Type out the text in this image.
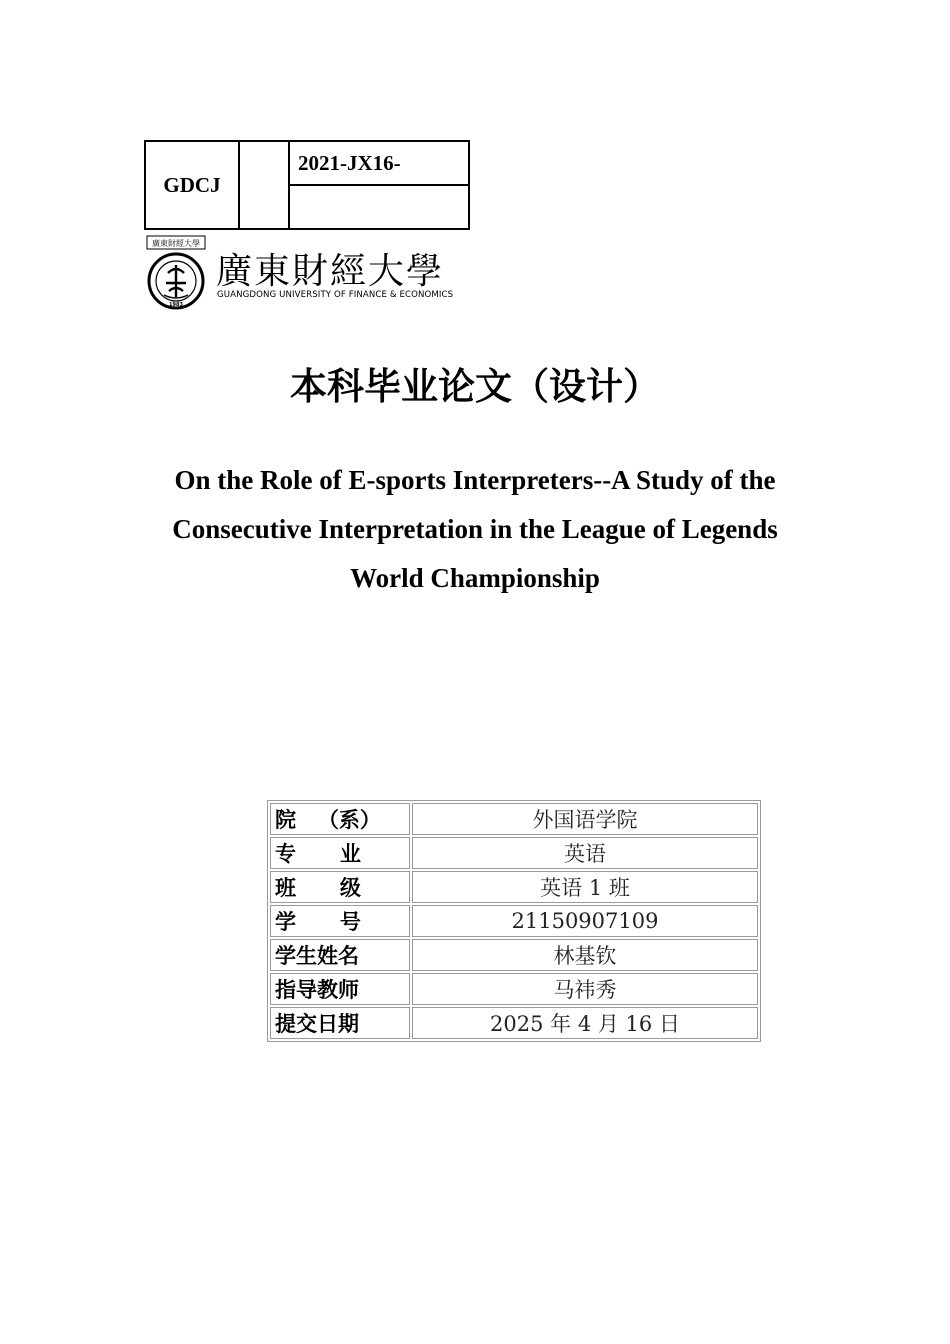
GDCJ		2021-JX16-

廣東財經大學
1983
廣東財經大學
GUANGDONG UNIVERSITY OF FINANCE & ECONOMICS
本科毕业论文（设计）
On the Role of E-sports Interpreters--A Study of the
Consecutive Interpretation in the League of Legends
World Championship
院   （系）	外国语学院
专      业	英语
班      级	英语 1 班
学      号	21150907109
学生姓名	林基钦
指导教师	马祎秀
提交日期	2025 年 4 月 16 日
